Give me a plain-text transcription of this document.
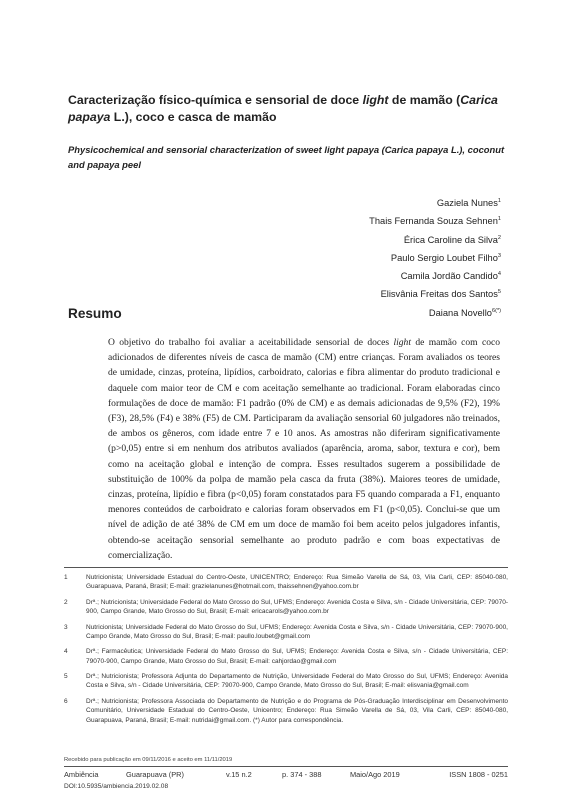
Caracterização físico-química e sensorial de doce light de mamão (Carica papaya L.), coco e casca de mamão
Physicochemical and sensorial characterization of sweet light papaya (Carica papaya L.), coconut and papaya peel
Gaziela Nunes$^1$
Thais Fernanda Souza Sehnen$^1$
Érica Caroline da Silva$^2$
Paulo Sergio Loubet Filho$^3$
Camila Jordão Candido$^4$
Elisvânia Freitas dos Santos$^5$
Daiana Novello$^{6(*)}$
Resumo

O objetivo do trabalho foi avaliar a aceitabilidade sensorial de doces light de mamão com coco adicionados de diferentes níveis de casca de mamão (CM) entre crianças. Foram avaliados os teores de umidade, cinzas, proteína, lipídios, carboidrato, calorias e fibra alimentar do produto tradicional e daquele com maior teor de CM e com aceitação semelhante ao tradicional. Foram elaboradas cinco formulações de doce de mamão: F1 padrão (0% de CM) e as demais adicionadas de 9,5% (F2), 19% (F3), 28,5% (F4) e 38% (F5) de CM. Participaram da avaliação sensorial 60 julgadores não treinados, de ambos os gêneros, com idade entre 7 e 10 anos. As amostras não diferiram significativamente (p>0,05) entre si em nenhum dos atributos avaliados (aparência, aroma, sabor, textura e cor), bem como na aceitação global e intenção de compra. Esses resultados sugerem a possibilidade de substituição de 100% da polpa de mamão pela casca da fruta (38%). Maiores teores de umidade, cinzas, proteína, lipídio e fibra (p<0,05) foram constatados para F5 quando comparada a F1, enquanto menores conteúdos de carboidrato e calorias foram observados em F1 (p<0,05). Conclui-se que um nível de adição de até 38% de CM em um doce de mamão foi bem aceito pelos julgadores infantis, obtendo-se aceitação sensorial semelhante ao produto padrão e com boas expectativas de comercialização.

1	Nutricionista; Universidade Estadual do Centro-Oeste, UNICENTRO; Endereço: Rua Simeão Varella de Sá, 03, Vila Carli, CEP: 85040-080, Guarapuava, Paraná, Brasil; E-mail: grazielanunes@hotmail.com, thaissehnen@yahoo.com.br
2	Drª.; Nutricionista; Universidade Federal do Mato Grosso do Sul, UFMS; Endereço: Avenida Costa e Silva, s/n - Cidade Universitária, CEP: 79070-900, Campo Grande, Mato Grosso do Sul, Brasil; E-mail: ericacarols@yahoo.com.br
3	Nutricionista; Universidade Federal do Mato Grosso do Sul, UFMS; Endereço: Avenida Costa e Silva, s/n - Cidade Universitária, CEP: 79070-900, Campo Grande, Mato Grosso do Sul, Brasil; E-mail: paullo.loubet@gmail.com
4	Drª.; Farmacêutica; Universidade Federal do Mato Grosso do Sul, UFMS; Endereço: Avenida Costa e Silva, s/n - Cidade Universitária, CEP: 79070-900, Campo Grande, Mato Grosso do Sul, Brasil; E-mail: cahjordao@gmail.com
5	Drª.; Nutricionista; Professora Adjunta do Departamento de Nutrição, Universidade Federal do Mato Grosso do Sul, UFMS; Endereço: Avenida Costa e Silva, s/n - Cidade Universitária, CEP: 79070-900, Campo Grande, Mato Grosso do Sul, Brasil; E-mail: elisvania@gmail.com
6	Drª.; Nutricionista; Professora Associada do Departamento de Nutrição e do Programa de Pós-Graduação Interdisciplinar em Desenvolvimento Comunitário, Universidade Estadual do Centro-Oeste, Unicentro; Endereço: Rua Simeão Varella de Sá, 03, Vila Carli, CEP: 85040-080, Guarapuava, Paraná, Brasil; E-mail: nutridai@gmail.com. (*) Autor para correspondência.
Recebido para publicação em 09/11/2016 e aceito em 11/11/2019
Ambiência	Guarapuava (PR)	v.15 n.2	p. 374 - 388	Maio/Ago 2019	ISSN 1808 - 0251
DOI:10.5935/ambiencia.2019.02.08
